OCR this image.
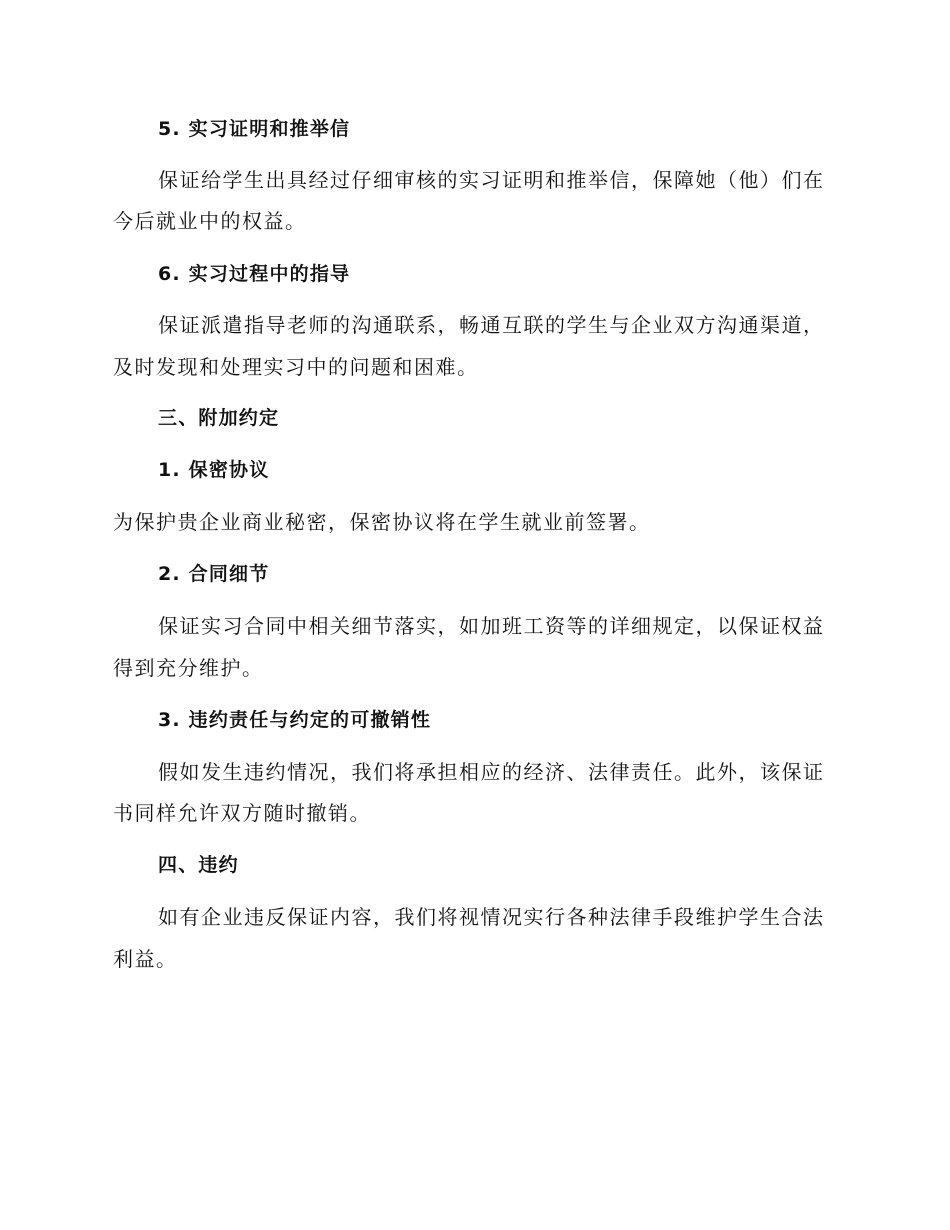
5. 实习证明和推举信
保证给学生出具经过仔细审核的实习证明和推举信，保障她（他）们在
今后就业中的权益。
6. 实习过程中的指导
保证派遣指导老师的沟通联系，畅通互联的学生与企业双方沟通渠道，
及时发现和处理实习中的问题和困难。
三、附加约定
1. 保密协议
为保护贵企业商业秘密，保密协议将在学生就业前签署。
2. 合同细节
保证实习合同中相关细节落实，如加班工资等的详细规定，以保证权益
得到充分维护。
3. 违约责任与约定的可撤销性
假如发生违约情况，我们将承担相应的经济、法律责任。此外，该保证
书同样允许双方随时撤销。
四、违约
如有企业违反保证内容，我们将视情况实行各种法律手段维护学生合法
利益。
